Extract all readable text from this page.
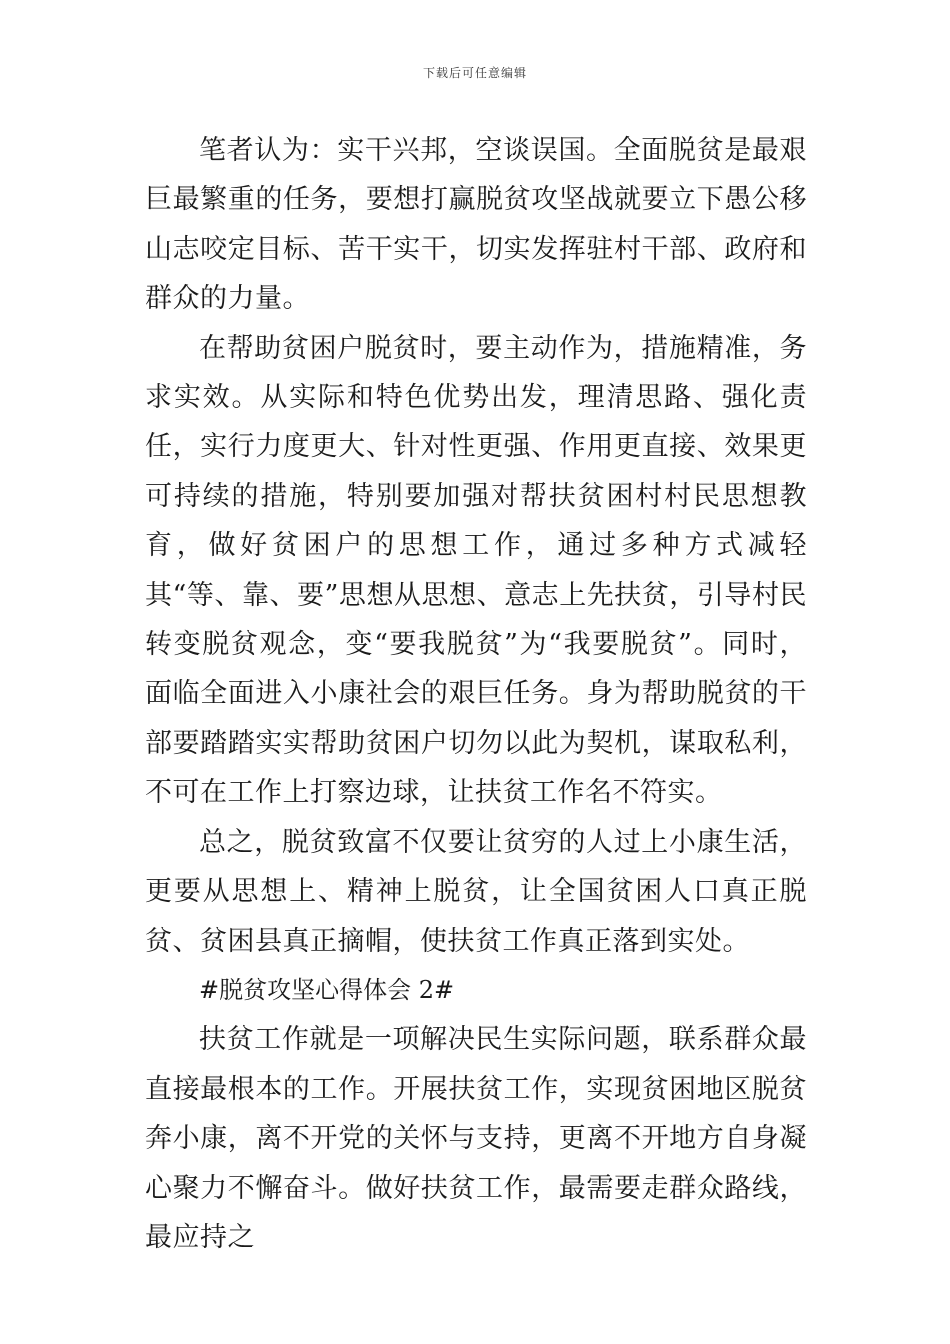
下载后可任意编辑

笔者认为：实干兴邦，空谈误国。全面脱贫是最艰巨最繁重的任务，要想打赢脱贫攻坚战就要立下愚公移山志咬定目标、苦干实干，切实发挥驻村干部、政府和群众的力量。

在帮助贫困户脱贫时，要主动作为，措施精准，务求实效。从实际和特色优势出发，理清思路、强化责任，实行力度更大、针对性更强、作用更直接、效果更可持续的措施，特别要加强对帮扶贫困村村民思想教育，做好贫困户的思想工作，通过多种方式减轻其“等、靠、要”思想从思想、意志上先扶贫，引导村民转变脱贫观念，变“要我脱贫”为“我要脱贫”。同时，面临全面进入小康社会的艰巨任务。身为帮助脱贫的干部要踏踏实实帮助贫困户切勿以此为契机，谋取私利，不可在工作上打察边球，让扶贫工作名不符实。

总之，脱贫致富不仅要让贫穷的人过上小康生活，更要从思想上、精神上脱贫，让全国贫困人口真正脱贫、贫困县真正摘帽，使扶贫工作真正落到实处。

#脱贫攻坚心得体会 2#

扶贫工作就是一项解决民生实际问题，联系群众最直接最根本的工作。开展扶贫工作，实现贫困地区脱贫奔小康，离不开党的关怀与支持，更离不开地方自身凝心聚力不懈奋斗。做好扶贫工作，最需要走群众路线，最应持之
